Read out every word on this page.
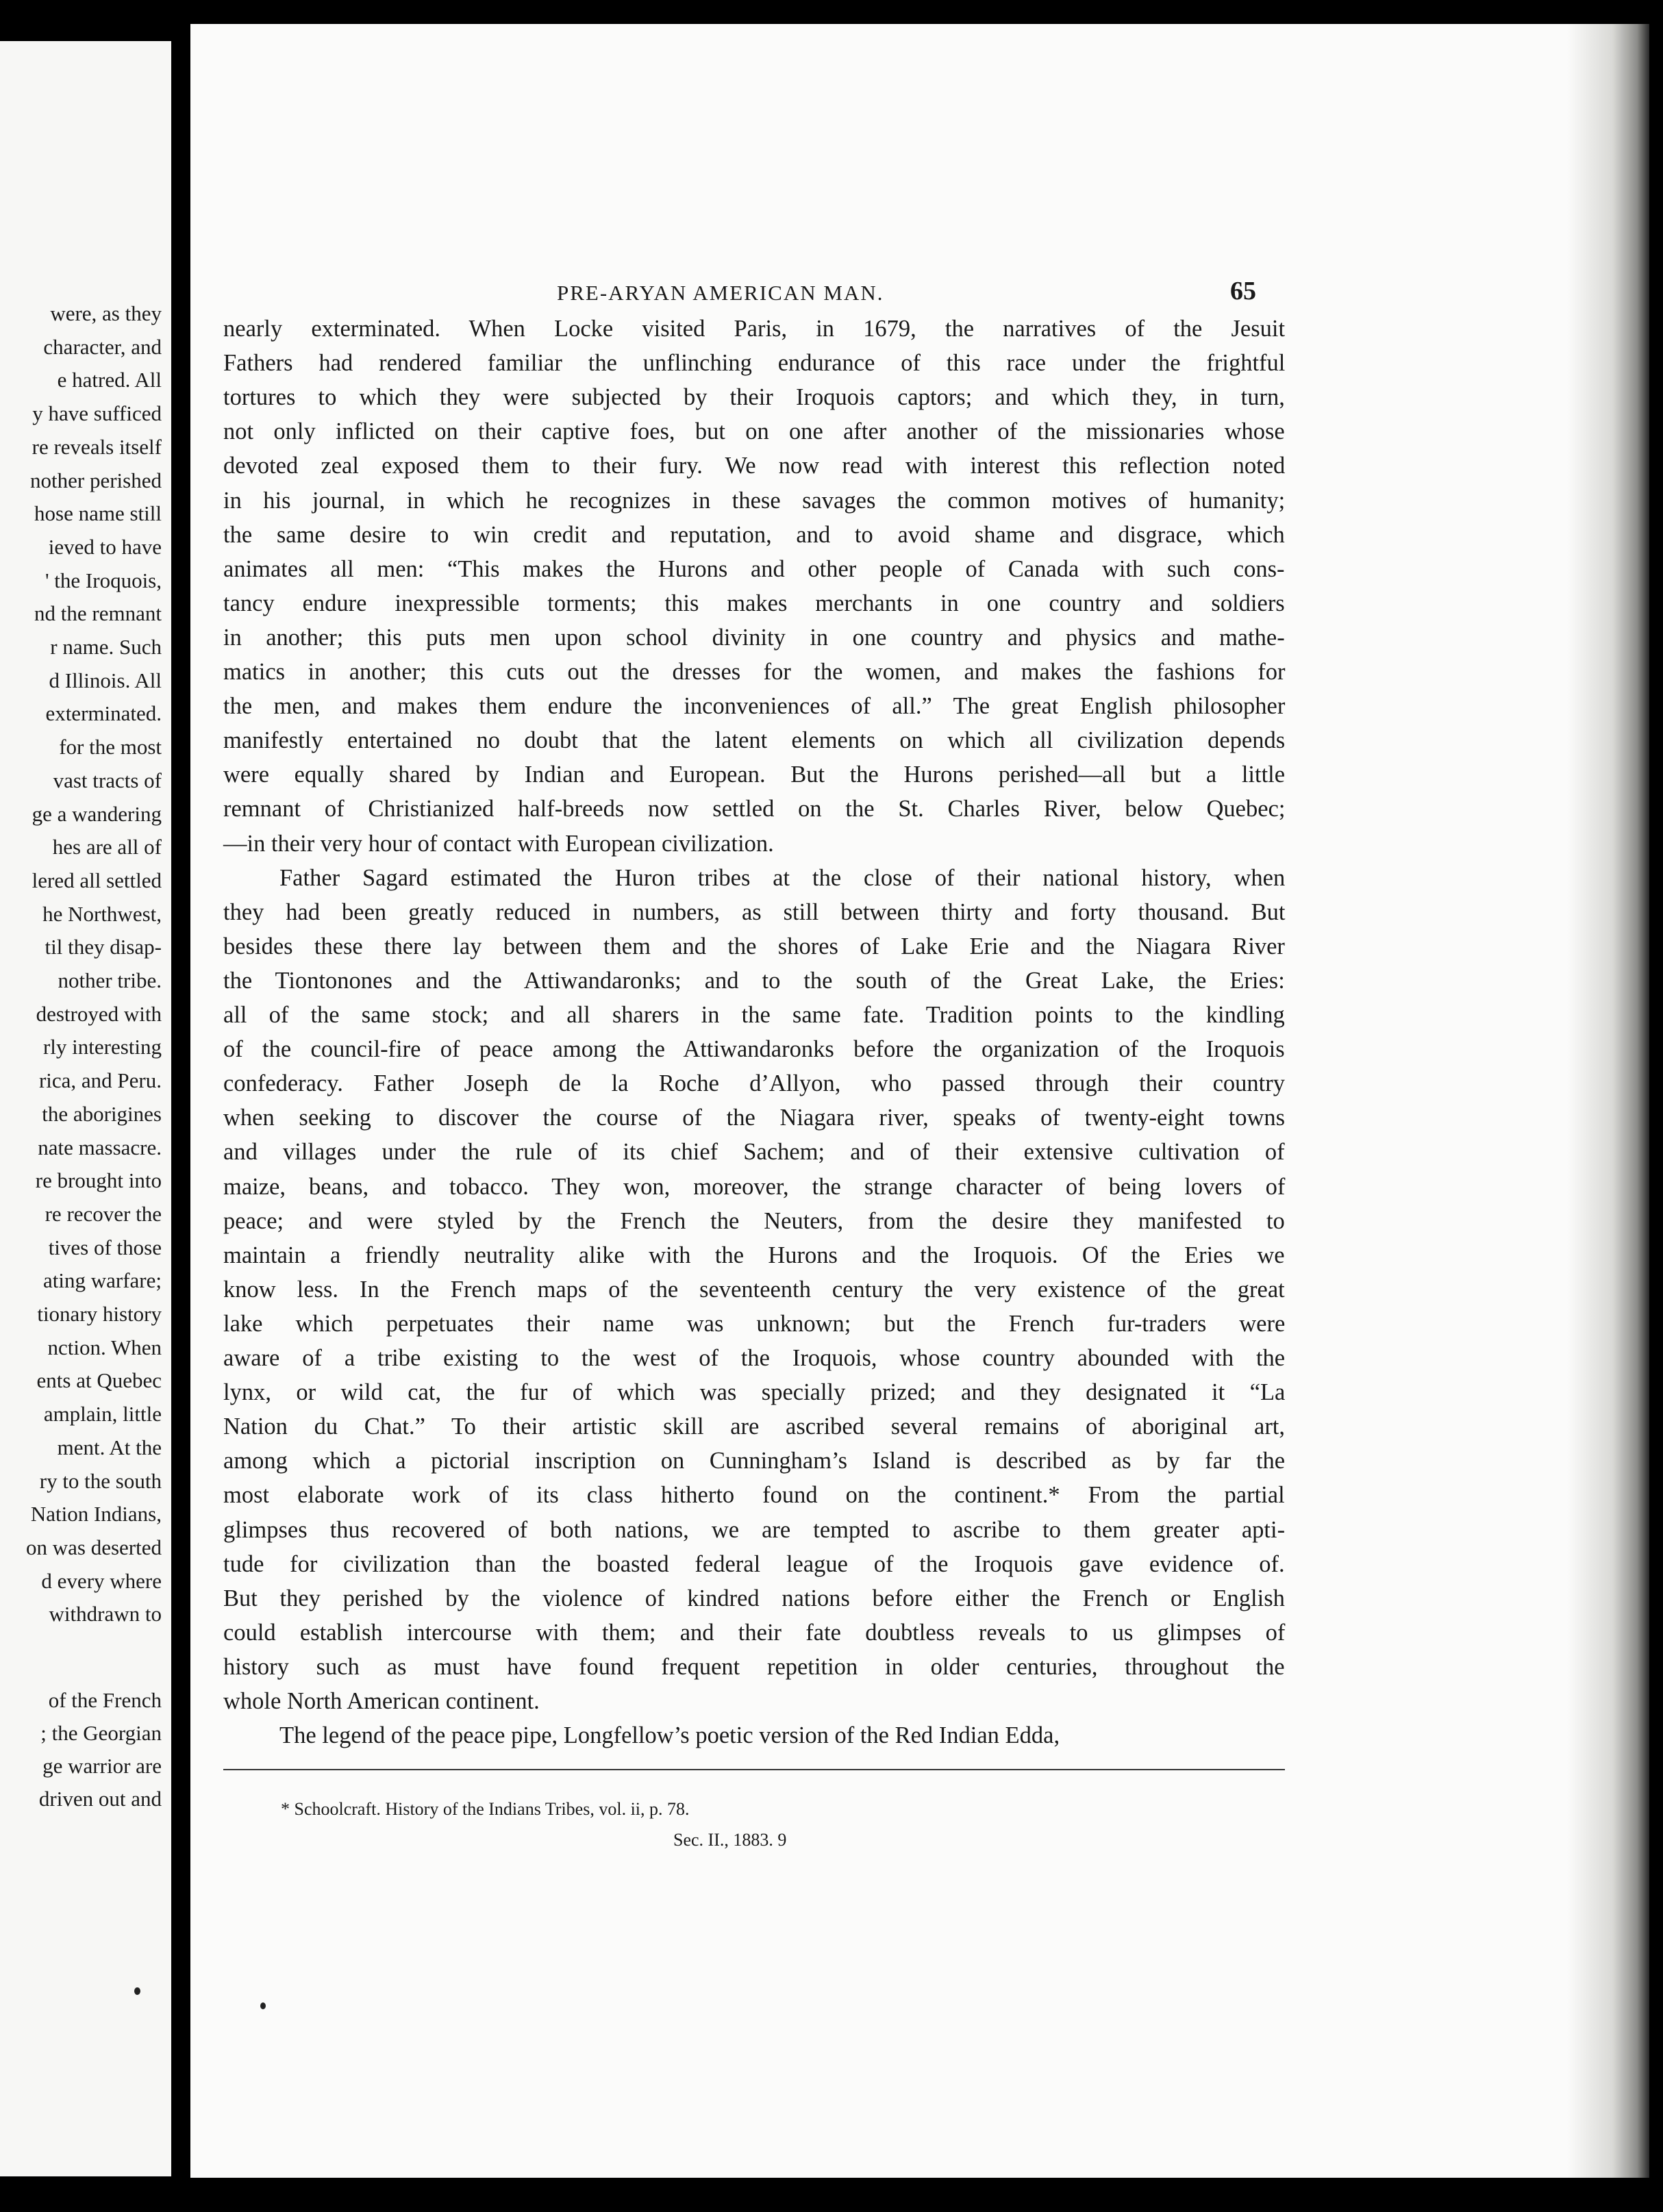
were, as they
character, and
e hatred. All
y have sufficed
re reveals itself
nother perished
hose name still
ieved to have
' the Iroquois,
nd the remnant
r name. Such
d Illinois. All
exterminated.
for the most
vast tracts of
ge a wandering
hes are all of
lered all settled
he Northwest,
til they disap-
nother tribe.
destroyed with
rly interesting
rica, and Peru.
the aborigines
nate massacre.
re brought into
re recover the
tives of those
ating warfare;
tionary history
nction. When
ents at Quebec
amplain, little
ment. At the
ry to the south
Nation Indians,
on was deserted
d every where
withdrawn to
of the French
; the Georgian
ge warrior are
driven out and
PRE-ARYAN AMERICAN MAN.	65
nearly exterminated. When Locke visited Paris, in 1679, the narratives of the Jesuit
Fathers had rendered familiar the unflinching endurance of this race under the frightful
tortures to which they were subjected by their Iroquois captors; and which they, in turn,
not only inflicted on their captive foes, but on one after another of the missionaries whose
devoted zeal exposed them to their fury. We now read with interest this reflection noted
in his journal, in which he recognizes in these savages the common motives of humanity;
the same desire to win credit and reputation, and to avoid shame and disgrace, which
animates all men: “This makes the Hurons and other people of Canada with such cons-
tancy endure inexpressible torments; this makes merchants in one country and soldiers
in another; this puts men upon school divinity in one country and physics and mathe-
matics in another; this cuts out the dresses for the women, and makes the fashions for
the men, and makes them endure the inconveniences of all.” The great English philosopher
manifestly entertained no doubt that the latent elements on which all civilization depends
were equally shared by Indian and European. But the Hurons perished—all but a little
remnant of Christianized half-breeds now settled on the St. Charles River, below Quebec;
—in their very hour of contact with European civilization.
Father Sagard estimated the Huron tribes at the close of their national history, when
they had been greatly reduced in numbers, as still between thirty and forty thousand. But
besides these there lay between them and the shores of Lake Erie and the Niagara River
the Tiontonones and the Attiwandaronks; and to the south of the Great Lake, the Eries:
all of the same stock; and all sharers in the same fate. Tradition points to the kindling
of the council-fire of peace among the Attiwandaronks before the organization of the Iroquois
confederacy. Father Joseph de la Roche d’Allyon, who passed through their country
when seeking to discover the course of the Niagara river, speaks of twenty-eight towns
and villages under the rule of its chief Sachem; and of their extensive cultivation of
maize, beans, and tobacco. They won, moreover, the strange character of being lovers of
peace; and were styled by the French the Neuters, from the desire they manifested to
maintain a friendly neutrality alike with the Hurons and the Iroquois. Of the Eries we
know less. In the French maps of the seventeenth century the very existence of the great
lake which perpetuates their name was unknown; but the French fur-traders were
aware of a tribe existing to the west of the Iroquois, whose country abounded with the
lynx, or wild cat, the fur of which was specially prized; and they designated it “La
Nation du Chat.” To their artistic skill are ascribed several remains of aboriginal art,
among which a pictorial inscription on Cunningham’s Island is described as by far the
most elaborate work of its class hitherto found on the continent.* From the partial
glimpses thus recovered of both nations, we are tempted to ascribe to them greater apti-
tude for civilization than the boasted federal league of the Iroquois gave evidence of.
But they perished by the violence of kindred nations before either the French or English
could establish intercourse with them; and their fate doubtless reveals to us glimpses of
history such as must have found frequent repetition in older centuries, throughout the
whole North American continent.
The legend of the peace pipe, Longfellow’s poetic version of the Red Indian Edda,
* Schoolcraft. History of the Indians Tribes, vol. ii, p. 78.
Sec. II., 1883. 9
